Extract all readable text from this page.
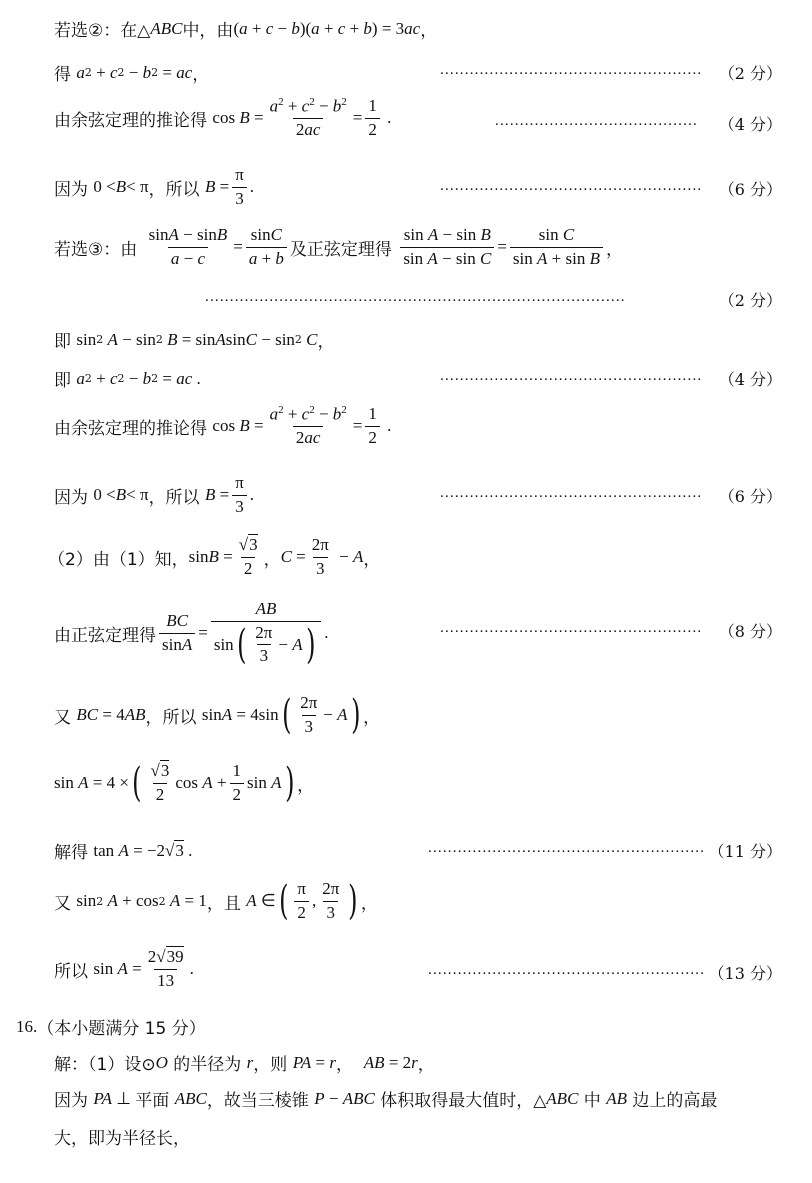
若选②：在△ ABC 中，由 ( a + c − b )( a + c + b ) = 3 ac ，
得 a 2 + c 2 − b 2 = ac ，	..................................................... （2 分）
由余弦定理的推论得 $\cos B = \frac{a^2 + c^2 - b^2}{2ac} = \frac{1}{2}$ .	......................................... （4 分）
因为 0 < B < π ，所以 $B = \frac{\pi}{3}$ .	..................................................... （6 分）
若选③：由 $\frac{\sin A - \sin B}{a - c} = \frac{\sin C}{a + b}$ 及正弦定理得 $\frac{\text{sin A − sin B}}{\text{sin A − sin C}} = \frac{\text{sin C}}{\text{sin A + sin B}}$ ，
.....................................................................................	（2 分）
即 sin 2 A − sin 2 B = sin A sin C − sin 2 C ，
即 a 2 + c 2 − b 2 = ac .	..................................................... （4 分）
由余弦定理的推论得 $\cos B = \frac{a^2 + c^2 - b^2}{2ac} = \frac{1}{2}$ .
因为 0 < B < π ，所以 $B = \frac{\pi}{3}$ .	..................................................... （6 分）
（2）由（1）知， $\sin B = \frac{√3}{2}$ ， $C = \frac{2\pi}{3} - A$ ，
由正弦定理得 $\frac{BC}{\sin A} = \frac{AB}{\sin ( \frac{2\pi}{3} - A )}$ .	..................................................... （8 分）
又 BC = 4 AB ，所以 sin A = 4sin ( $\frac{2\pi}{3} - A$ ) ，
sin A = 4 × ( $\frac{√3}{2}$ $\cos A + \frac{1}{2}$ sin A ) ，
解得 tan A = −2√3 .	........................................................ （11 分）
又 sin 2 A + cos 2 A = 1 ，且 A ∈ ( $\frac{\pi}{2}$ , $\frac{2\pi}{3}$ ) ，
所以 $\sin A = \frac{2√39}{13}$ .	........................................................ （13 分）
16. （本小题满分 15 分）
解：（1）设⊙ O 的半径为 r ，则 PA = r ， AB = 2 r ，
因为 PA ⊥ 平面 ABC ，故当三棱锥 P − ABC 体积取得最大值时，△ ABC 中 AB 边上的高最
大，即为半径长，
